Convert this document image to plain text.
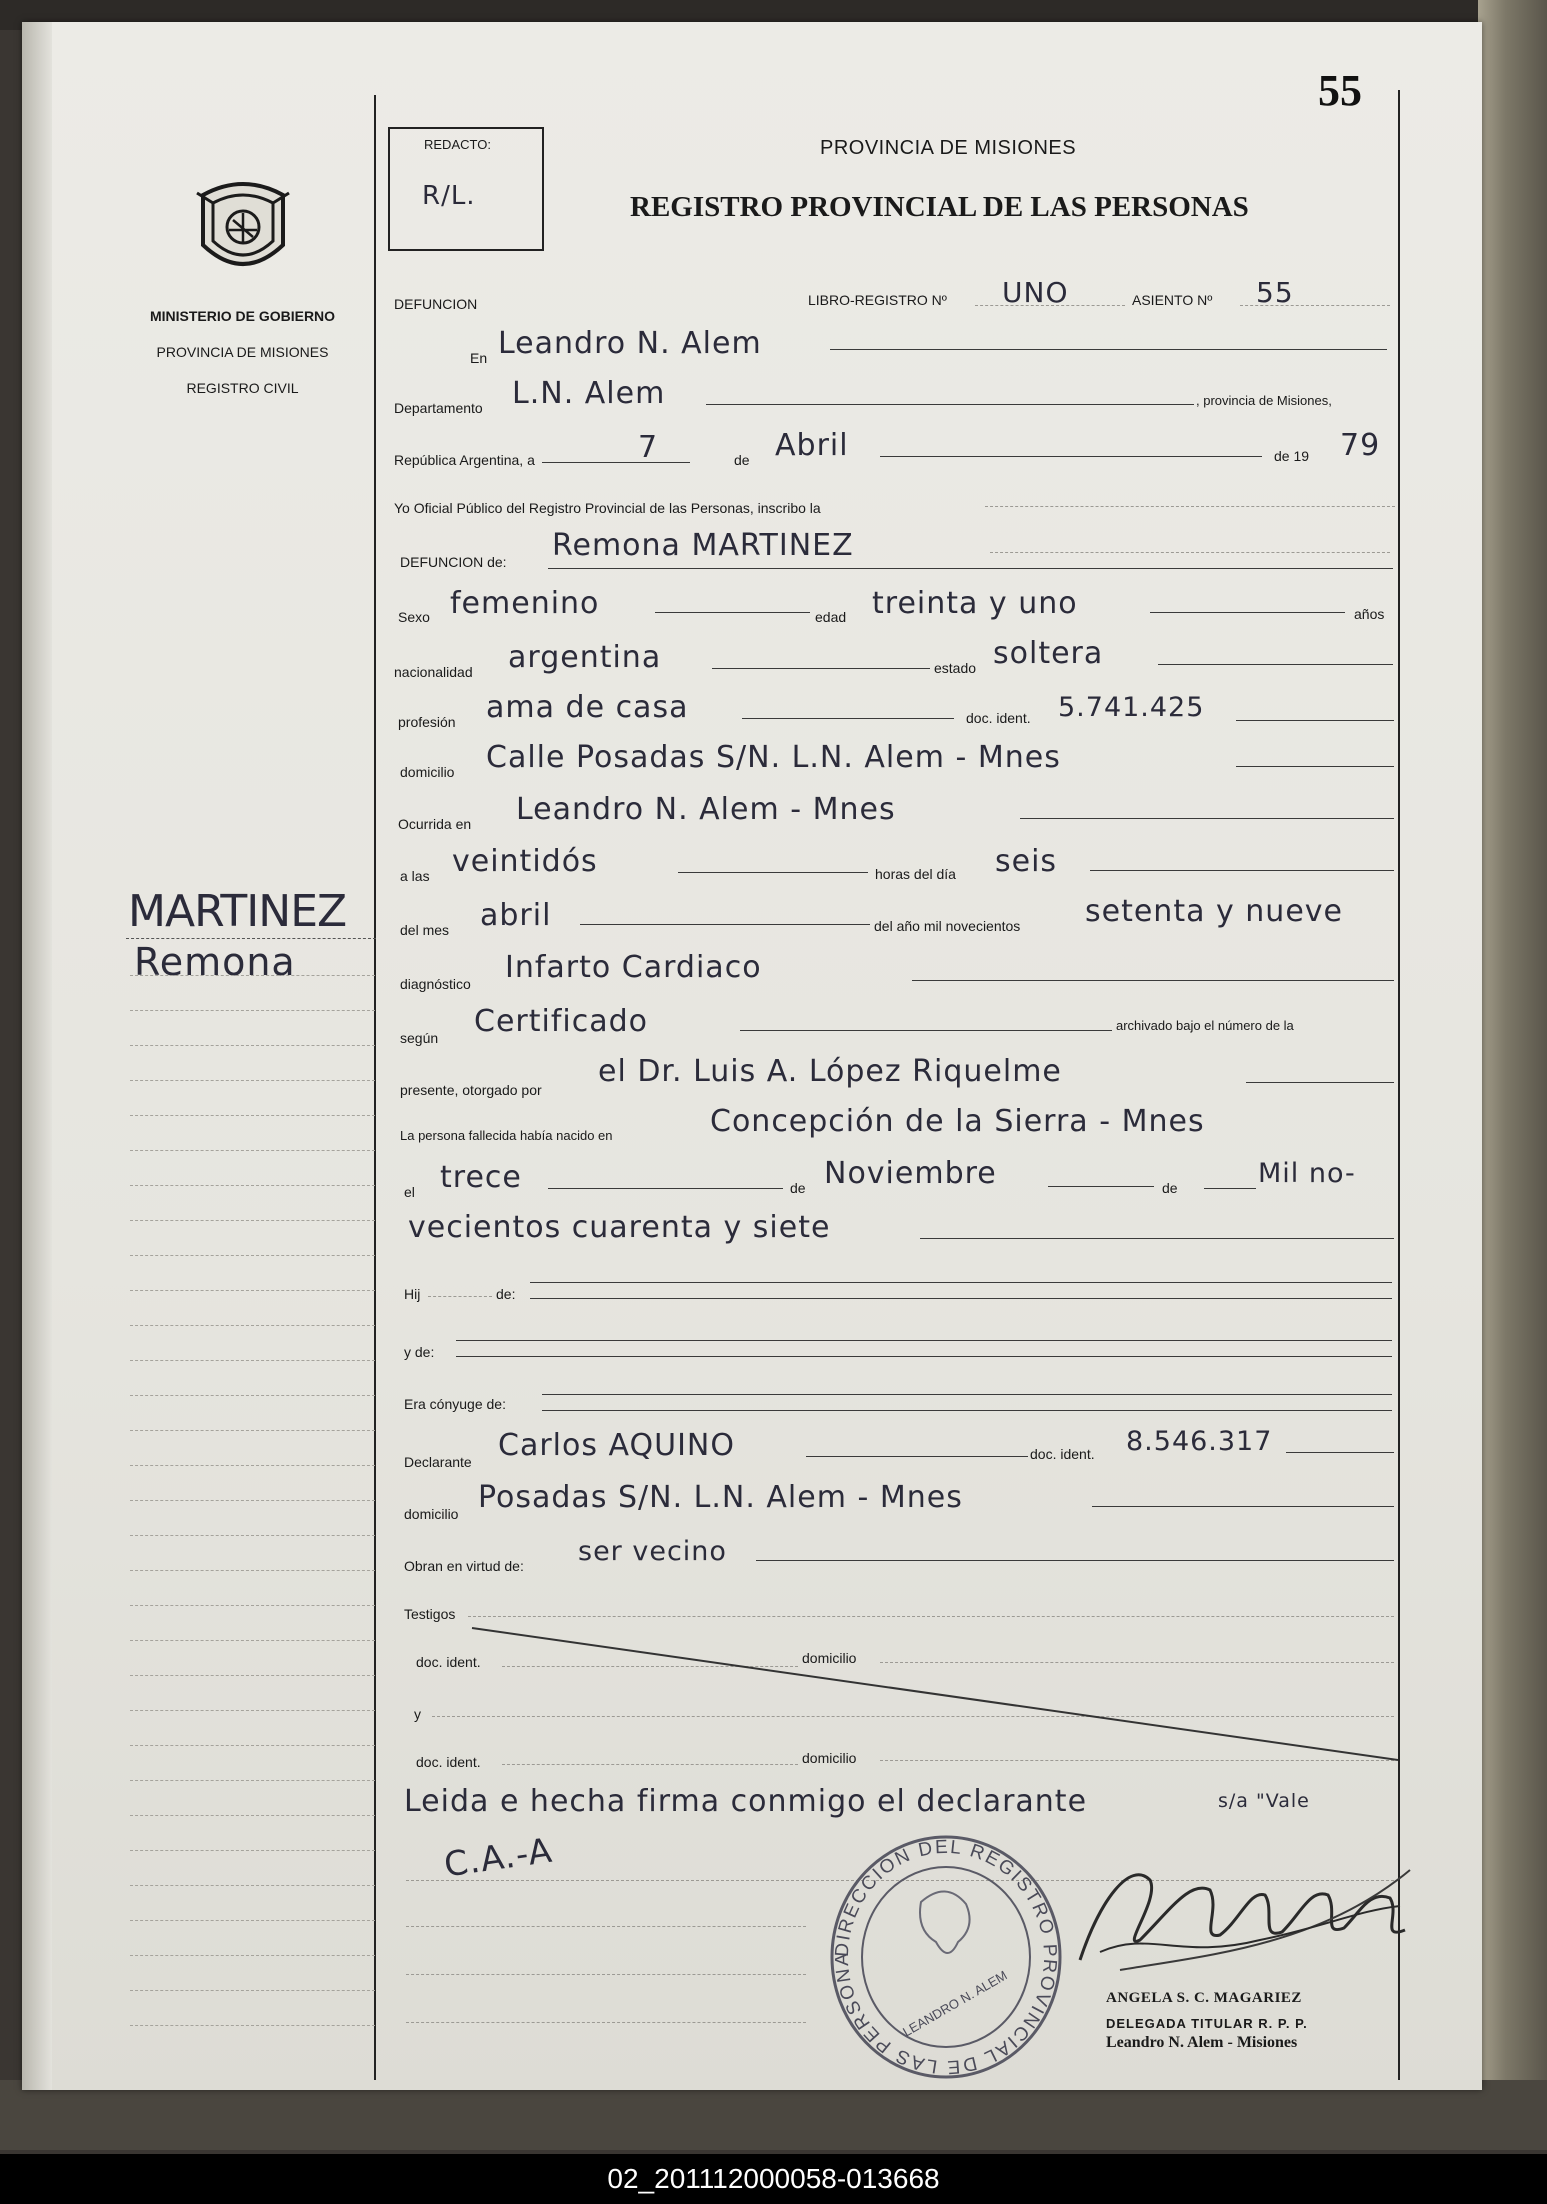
55
MINISTERIO DE GOBIERNO
PROVINCIA DE MISIONES
REGISTRO CIVIL
REDACTO:
R/L.
PROVINCIA DE MISIONES
REGISTRO PROVINCIAL DE LAS PERSONAS
MARTINEZ
Remona
DEFUNCION	LIBRO-REGISTRO Nº UNO	ASIENTO Nº 55
En Leandro N. Alem
Departamento L.N. Alem	, provincia de Misiones,
República Argentina, a	7	de Abril	de 19 79
Yo Oficial Público del Registro Provincial de las Personas, inscribo la
DEFUNCION de: Remona MARTINEZ
Sexo femenino	edad treinta y uno	años
nacionalidad argentina	estado soltera
profesión ama de casa	doc. ident. 5.741.425
domicilio Calle Posadas S/N. L.N. Alem - Mnes
Ocurrida en Leandro N. Alem - Mnes
a las veintidós	horas del día seis
del mes abril	del año mil novecientos setenta y nueve
diagnóstico Infarto Cardiaco
según Certificado	archivado bajo el número de la
presente, otorgado por
el Dr. Luis A. López Riquelme
La persona fallecida había nacido en	Concepción de la Sierra - Mnes
el trece	de Noviembre	de	Mil no-
vecientos cuarenta y siete
Hij	de:
y de:
Era cónyuge de:
Declarante Carlos AQUINO	doc. ident. 8.546.317
domicilio Posadas S/N. L.N. Alem - Mnes
Obran en virtud de: ser vecino
Testigos
doc. ident.	domicilio
y
doc. ident.	domicilio
Leida e hecha firma conmigo el declarante	s/a "Vale
C.A.-A
DIRECCION DEL REGISTRO PROVINCIAL DE LAS PERSONA
LEANDRO N. ALEM	ANGELA S. C. MAGARIEZ
DELEGADA TITULAR R. P. P.
Leandro N. Alem - Misiones
02_201112000058-013668
